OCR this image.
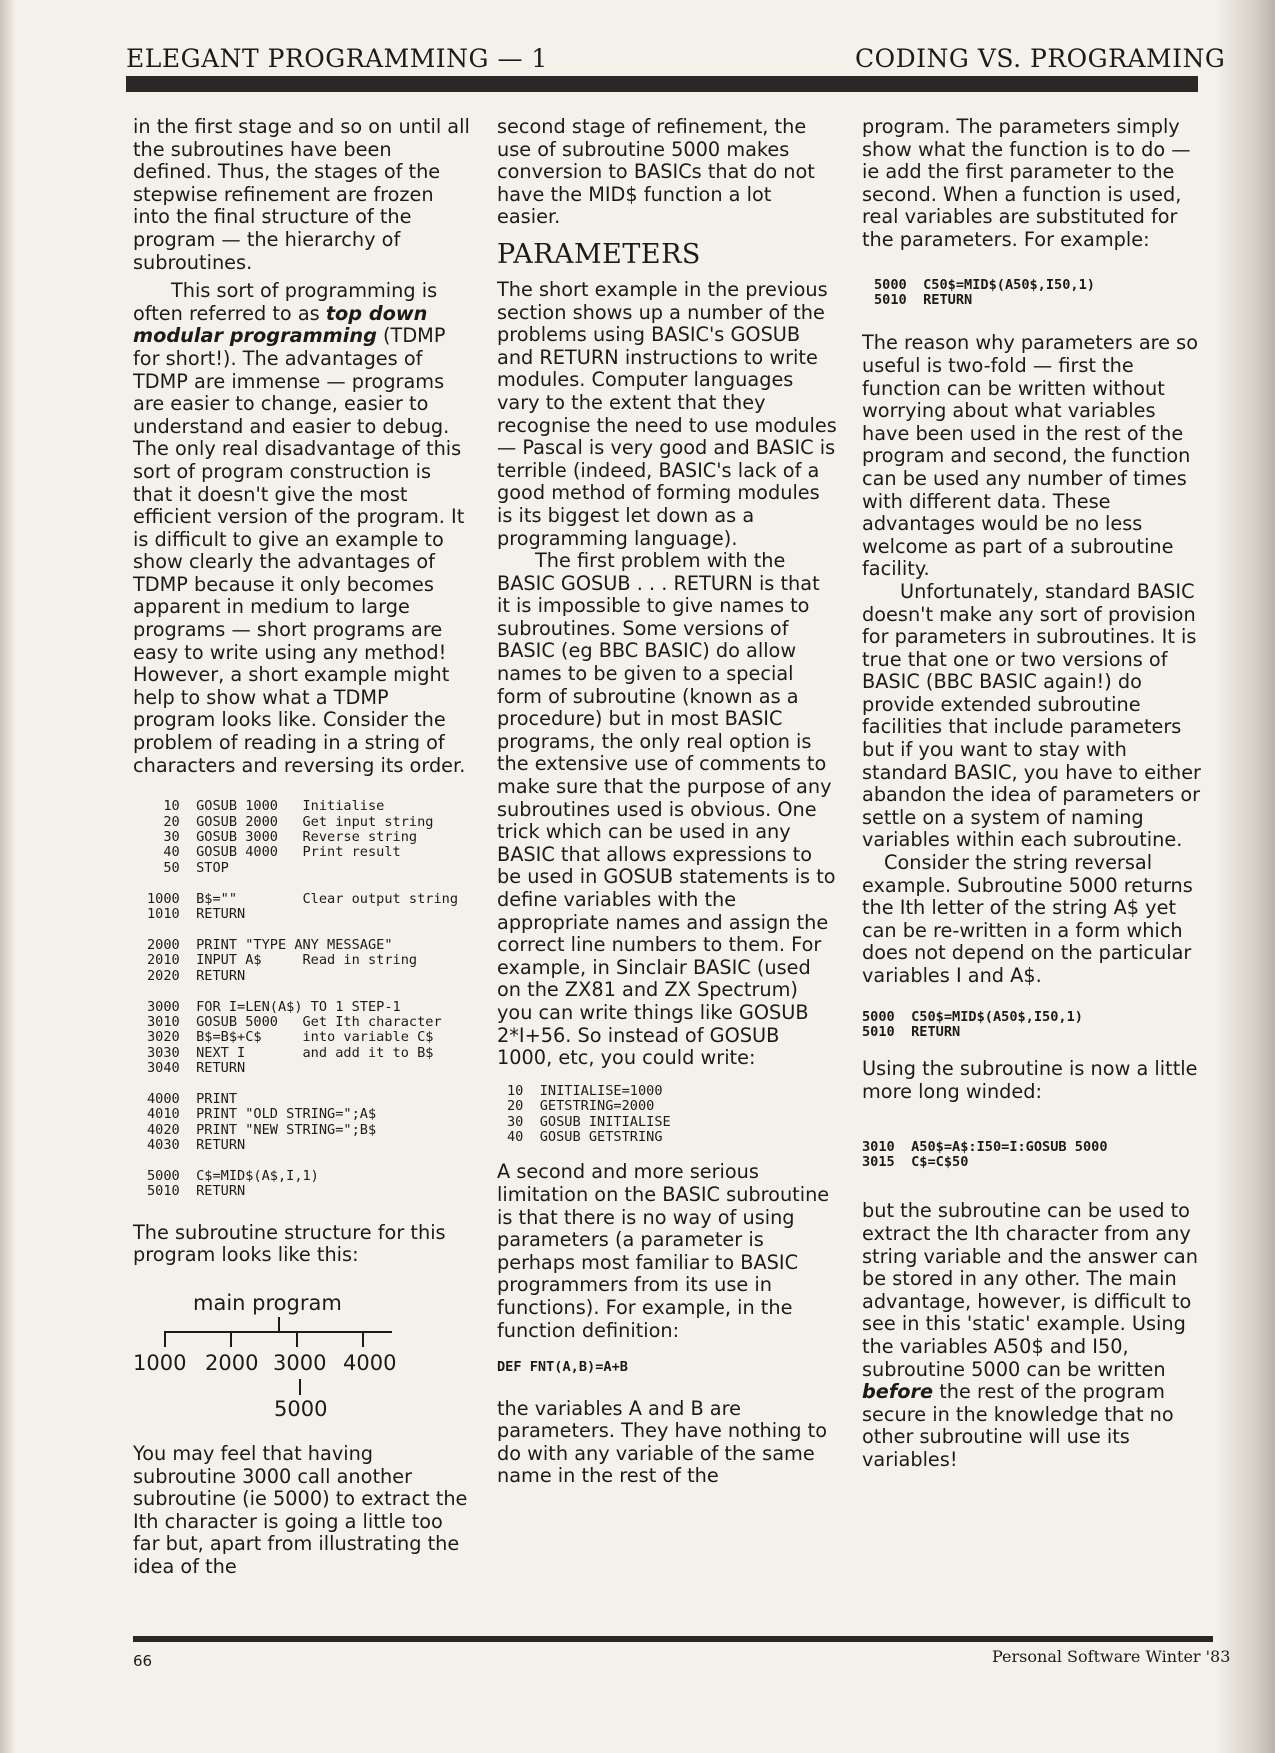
ELEGANT PROGRAMMING — 1	CODING VS. PROGRAMING

in the first stage and so on until all the subroutines have been defined. Thus, the stages of the stepwise refinement are frozen into the final structure of the program — the hierarchy of subroutines.

This sort of programming is often referred to as top down modular programming (TDMP for short!). The advantages of TDMP are immense — programs are easier to change, easier to understand and easier to debug. The only real disadvantage of this sort of program construction is that it doesn't give the most efficient version of the program. It is difficult to give an example to show clearly the advantages of TDMP because it only becomes apparent in medium to large programs — short programs are easy to write using any method! However, a short example might help to show what a TDMP program looks like. Consider the problem of reading in a string of characters and reversing its order.

10  GOSUB 1000   Initialise
20  GOSUB 2000   Get input string
30  GOSUB 3000   Reverse string
40  GOSUB 4000   Print result
50  STOP

1000  B$=""        Clear output string
1010  RETURN

2000  PRINT "TYPE ANY MESSAGE"
2010  INPUT A$     Read in string
2020  RETURN

3000  FOR I=LEN(A$) TO 1 STEP-1
3010  GOSUB 5000   Get Ith character
3020  B$=B$+C$     into variable C$
3030  NEXT I       and add it to B$
3040  RETURN

4000  PRINT
4010  PRINT "OLD STRING=";A$
4020  PRINT "NEW STRING=";B$
4030  RETURN

5000  C$=MID$(A$,I,1)
5010  RETURN

The subroutine structure for this program looks like this:

main program
1000 2000 3000 4000
5000

You may feel that having subroutine 3000 call another subroutine (ie 5000) to extract the Ith character is going a little too far but, apart from illustrating the idea of the

second stage of refinement, the use of subroutine 5000 makes conversion to BASICs that do not have the MID$ function a lot easier.

PARAMETERS

The short example in the previous section shows up a number of the problems using BASIC's GOSUB and RETURN instructions to write modules. Computer languages vary to the extent that they recognise the need to use modules — Pascal is very good and BASIC is terrible (indeed, BASIC's lack of a good method of forming modules is its biggest let down as a programming language).

The first problem with the BASIC GOSUB . . . RETURN is that it is impossible to give names to subroutines. Some versions of BASIC (eg BBC BASIC) do allow names to be given to a special form of subroutine (known as a procedure) but in most BASIC programs, the only real option is the extensive use of comments to make sure that the purpose of any subroutines used is obvious. One trick which can be used in any BASIC that allows expressions to be used in GOSUB statements is to define variables with the appropriate names and assign the correct line numbers to them. For example, in Sinclair BASIC (used on the ZX81 and ZX Spectrum) you can write things like GOSUB 2*I+56. So instead of GOSUB 1000, etc, you could write:

10  INITIALISE=1000
20  GETSTRING=2000
30  GOSUB INITIALISE
40  GOSUB GETSTRING

A second and more serious limitation on the BASIC subroutine is that there is no way of using parameters (a parameter is perhaps most familiar to BASIC programmers from its use in functions). For example, in the function definition:

DEF FNT(A,B)=A+B

the variables A and B are parameters. They have nothing to do with any variable of the same name in the rest of the

program. The parameters simply show what the function is to do — ie add the first parameter to the second. When a function is used, real variables are substituted for the parameters. For example:

5000  C50$=MID$(A50$,I50,1)
5010  RETURN

The reason why parameters are so useful is two-fold — first the function can be written without worrying about what variables have been used in the rest of the program and second, the function can be used any number of times with different data. These advantages would be no less welcome as part of a subroutine facility.

Unfortunately, standard BASIC doesn't make any sort of provision for parameters in subroutines. It is true that one or two versions of BASIC (BBC BASIC again!) do provide extended subroutine facilities that include parameters but if you want to stay with standard BASIC, you have to either abandon the idea of parameters or settle on a system of naming variables within each subroutine.

Consider the string reversal example. Subroutine 5000 returns the Ith letter of the string A$ yet can be re-written in a form which does not depend on the particular variables I and A$.

5000  C50$=MID$(A50$,I50,1)
5010  RETURN

Using the subroutine is now a little more long winded:

3010  A50$=A$:I50=I:GOSUB 5000
3015  C$=C$50

but the subroutine can be used to extract the Ith character from any string variable and the answer can be stored in any other. The main advantage, however, is difficult to see in this 'static' example. Using the variables A50$ and I50, subroutine 5000 can be written before the rest of the program secure in the knowledge that no other subroutine will use its variables!

66	Personal Software Winter '83
